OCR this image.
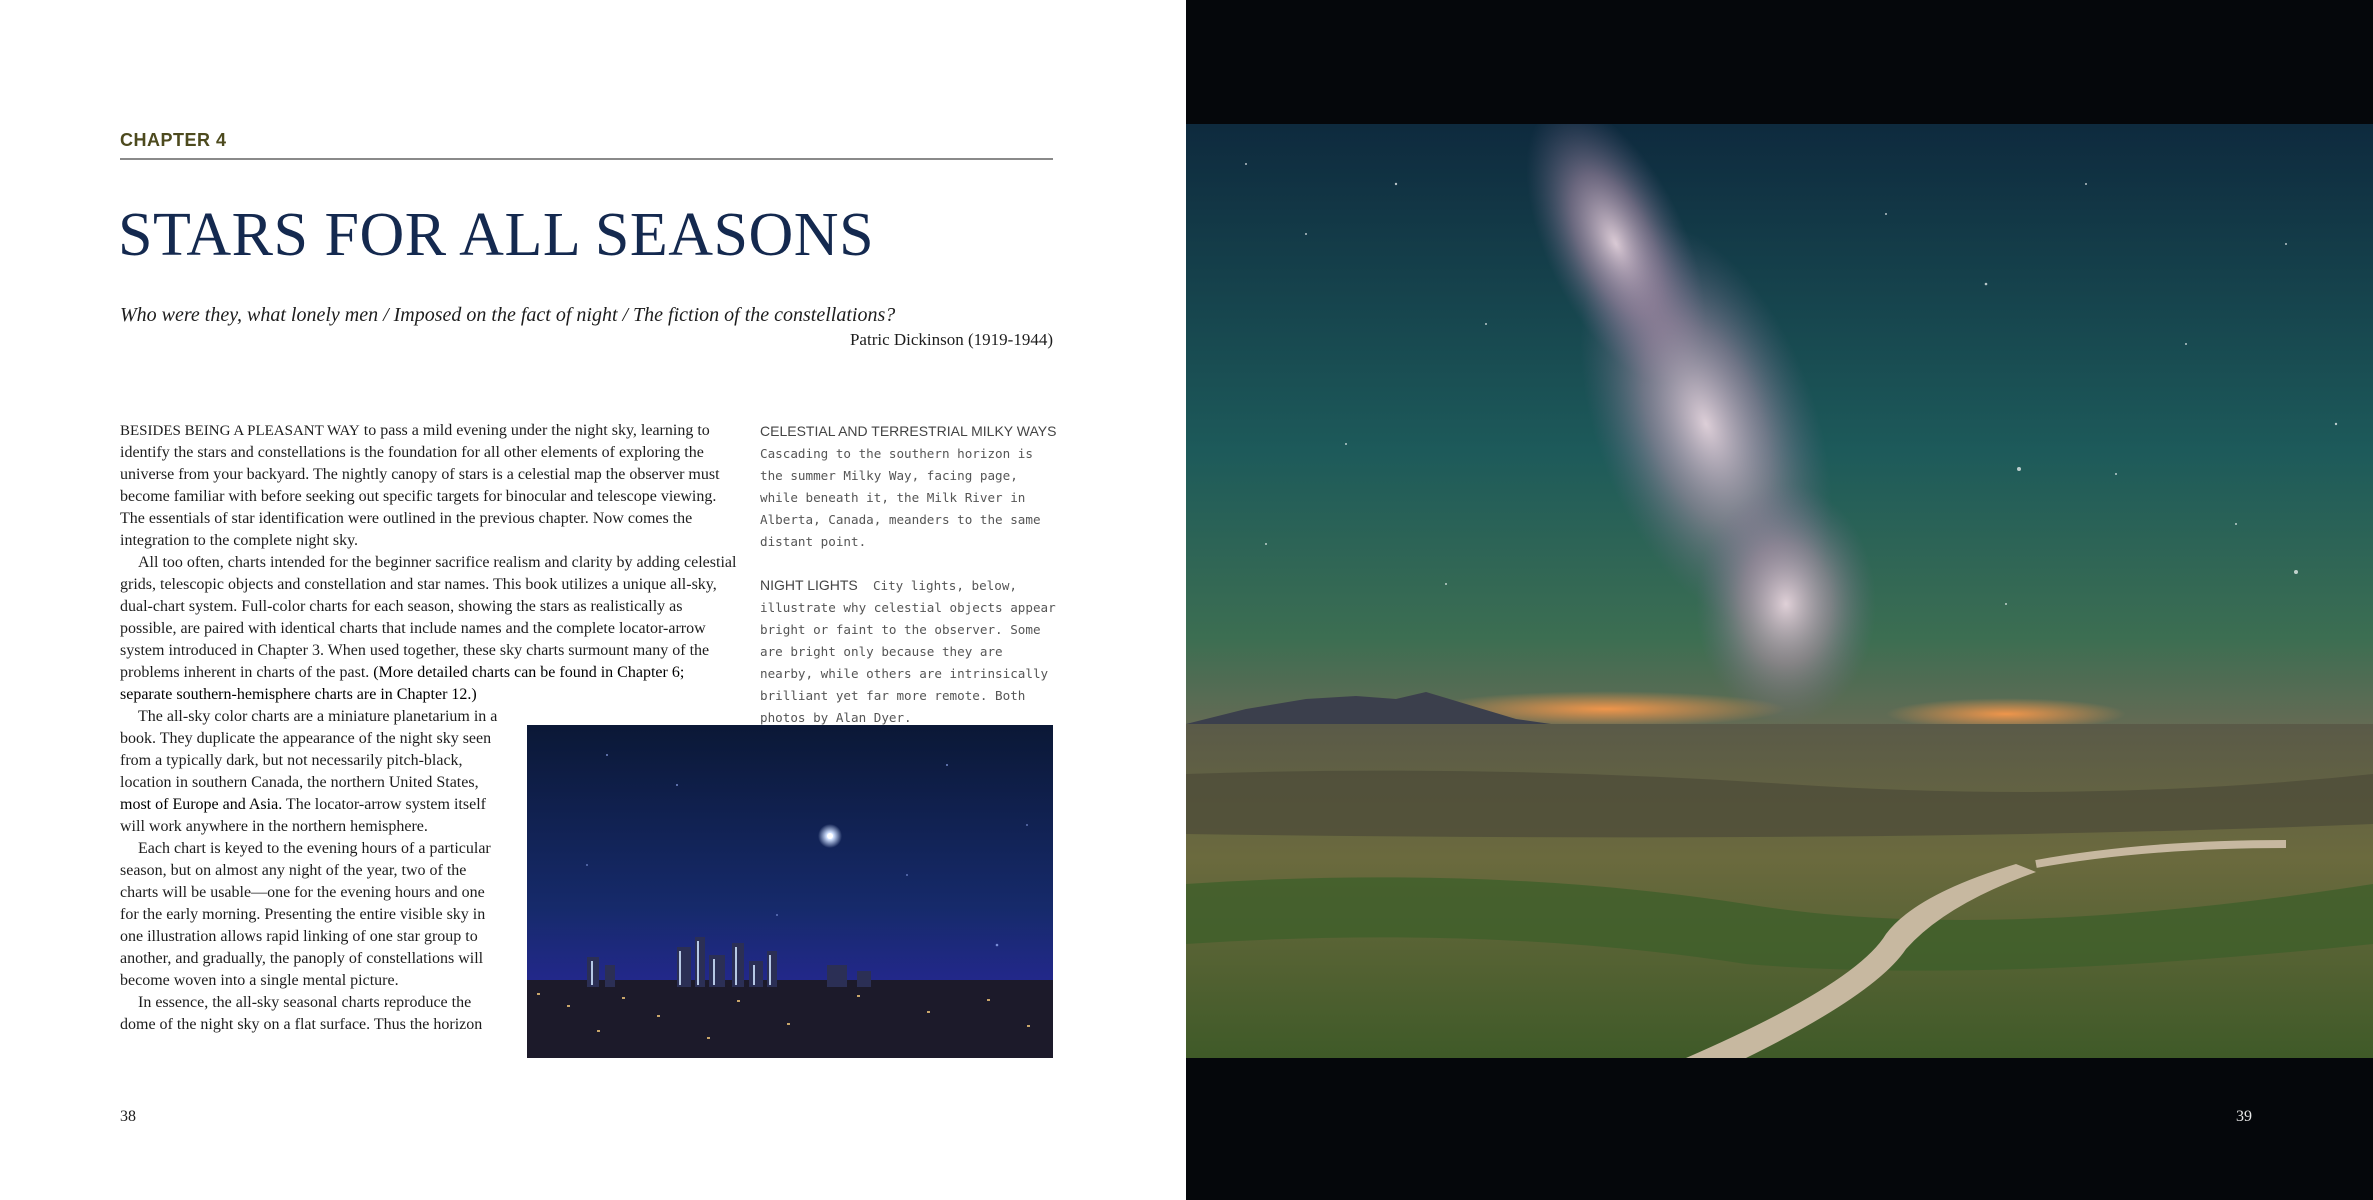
CHAPTER 4
STARS FOR ALL SEASONS
Who were they, what lonely men / Imposed on the fact of night / The fiction of the constellations?
Patric Dickinson (1919-1944)

BESIDES BEING A PLEASANT WAY to pass a mild evening under the night sky, learning to identify the stars and constellations is the foundation for all other elements of exploring the universe from your backyard. The nightly canopy of stars is a celestial map the observer must become familiar with before seeking out specific targets for binocular and telescope viewing. The essentials of star identification were outlined in the previous chapter. Now comes the integration to the complete night sky.

All too often, charts intended for the beginner sacrifice realism and clarity by adding celestial grids, telescopic objects and constellation and star names. This book utilizes a unique all-sky, dual-chart system. Full-color charts for each season, showing the stars as realistically as possible, are paired with identical charts that include names and the complete locator-arrow system introduced in Chapter 3. When used together, these sky charts surmount many of the problems inherent in charts of the past. (More detailed charts can be found in Chapter 6; separate southern-hemisphere charts are in Chapter 12.)

The all-sky color charts are a miniature planetarium in a book. They duplicate the appearance of the night sky seen from a typically dark, but not necessarily pitch-black, location in southern Canada, the northern United States, most of Europe and Asia. The locator-arrow system itself will work anywhere in the northern hemisphere.

Each chart is keyed to the evening hours of a particular season, but on almost any night of the year, two of the charts will be usable—one for the evening hours and one for the early morning. Presenting the entire visible sky in one illustration allows rapid linking of one star group to another, and gradually, the panoply of constellations will become woven into a single mental picture.

In essence, the all-sky seasonal charts reproduce the dome of the night sky on a flat surface. Thus the horizon

CELESTIAL AND TERRESTRIAL MILKY WAYS
Cascading to the southern horizon is the summer Milky Way, facing page, while beneath it, the Milk River in Alberta, Canada, meanders to the same distant point.
NIGHT LIGHTS City lights, below, illustrate why celestial objects appear bright or faint to the observer. Some are bright only because they are nearby, while others are intrinsically brilliant yet far more remote. Both photos by Alan Dyer.
38	39
